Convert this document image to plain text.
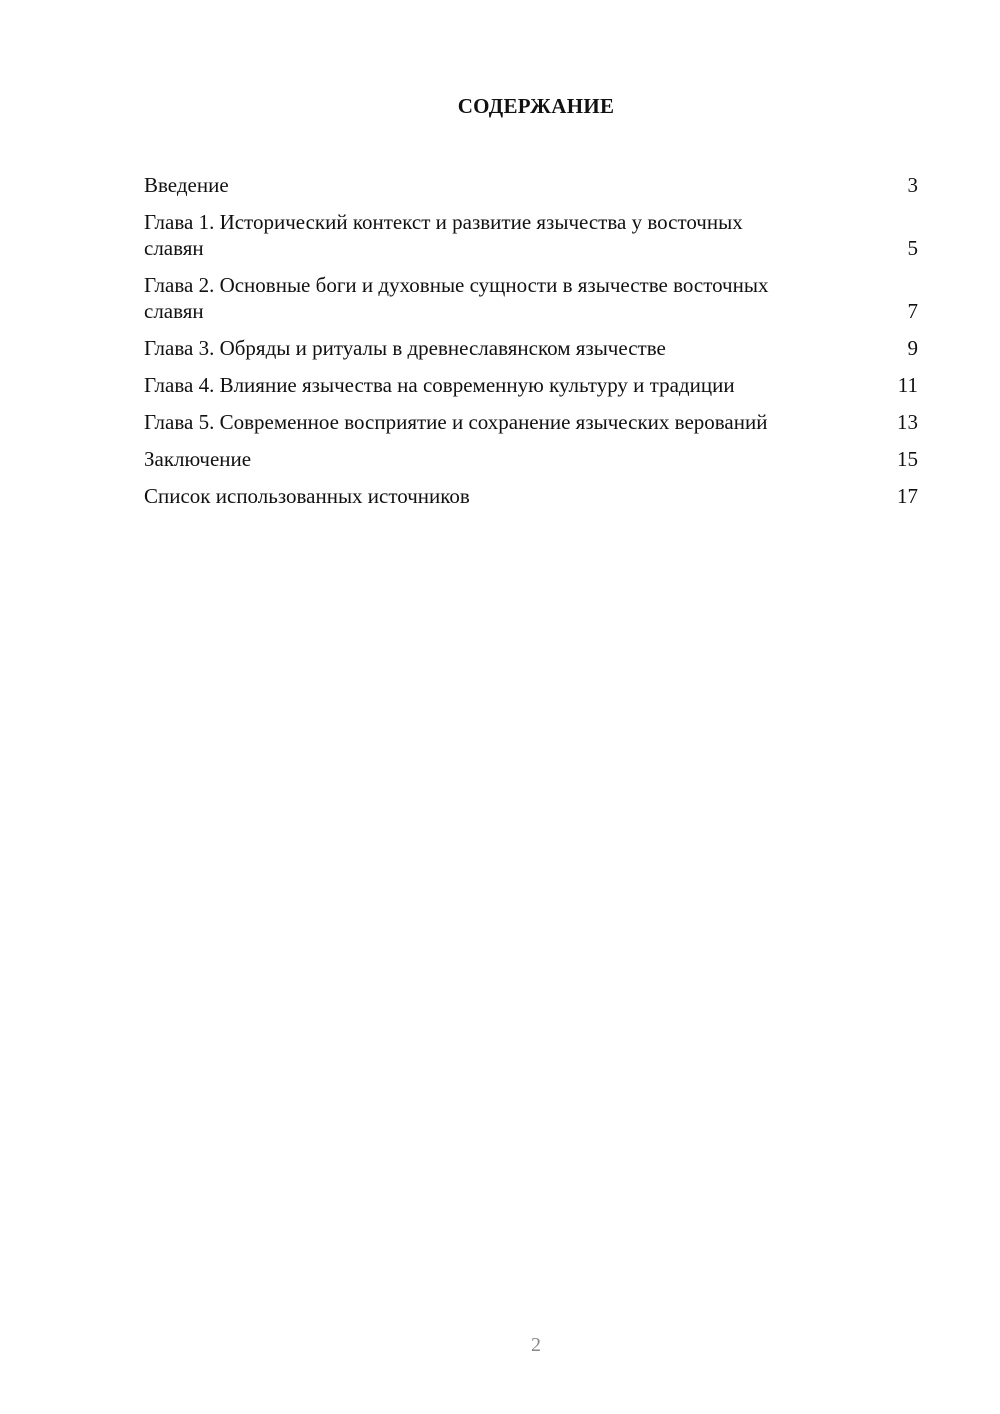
СОДЕРЖАНИЕ
Введение	3
Глава 1. Исторический контекст и развитие язычества у восточных славян	5
Глава 2. Основные боги и духовные сущности в язычестве восточных славян	7
Глава 3. Обряды и ритуалы в древнеславянском язычестве	9
Глава 4. Влияние язычества на современную культуру и традиции	11
Глава 5. Современное восприятие и сохранение языческих верований	13
Заключение	15
Список использованных источников	17
2
